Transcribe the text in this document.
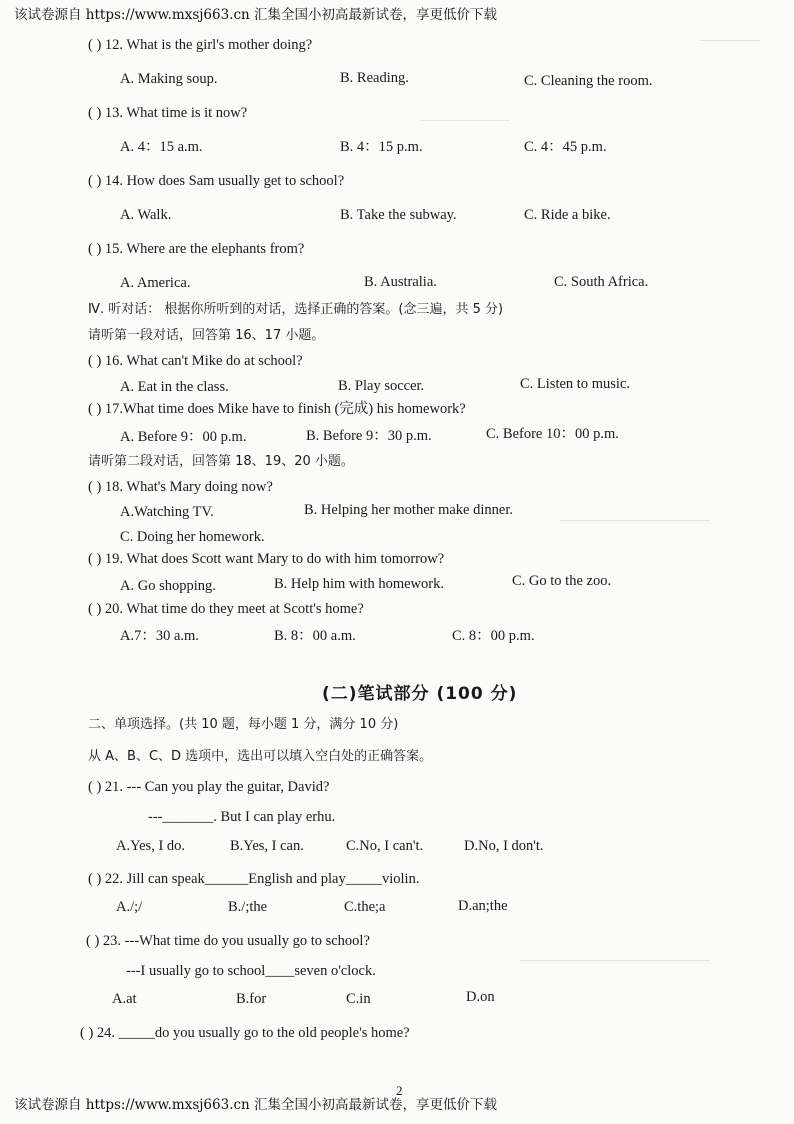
该试卷源自 https://www.mxsj663.cn 汇集全国小初高最新试卷，享更低价下载
( ) 12. What is the girl's mother doing?
A. Making soup.	B. Reading.	C. Cleaning the room.
( ) 13. What time is it now?
A. 4：15 a.m.	B. 4：15 p.m.	C. 4：45 p.m.
( ) 14. How does Sam usually get to school?
A. Walk.	B. Take the subway.	C. Ride a bike.
( ) 15. Where are the elephants from?
A. America.	B. Australia.	C. South Africa.
Ⅳ. 听对话： 根据你所听到的对话，选择正确的答案。(念三遍，共 5 分)
请听第一段对话，回答第 16、17 小题。
( ) 16. What can't Mike do at school?
A. Eat in the class.	B. Play soccer.	C. Listen to music.
( ) 17.What time does Mike have to finish (完成) his homework?
A. Before 9：00 p.m.	B. Before 9：30 p.m.	C. Before 10：00 p.m.
请听第二段对话，回答第 18、19、20 小题。
( ) 18. What's Mary doing now?
A.Watching TV.	B. Helping her mother make dinner.
C. Doing her homework.
( ) 19. What does Scott want Mary to do with him tomorrow?
A. Go shopping.	B. Help him with homework.	C. Go to the zoo.
( ) 20. What time do they meet at Scott's home?
A.7：30 a.m.	B. 8：00 a.m.	C. 8：00 p.m.
(二)笔试部分 (100 分)
二、单项选择。(共 10 题，每小题 1 分，满分 10 分)
从 A、B、C、D 选项中，选出可以填入空白处的正确答案。
( ) 21. --- Can you play the guitar, David?
---_______. But I can play erhu.
A.Yes, I do.	B.Yes, I can.	C.No, I can't.	D.No, I don't.
( ) 22. Jill can speak______English and play_____violin.
A./;/	B./;the	C.the;a	D.an;the
( ) 23. ---What time do you usually go to school?
---I usually go to school____seven o'clock.
A.at	B.for	C.in	D.on
( ) 24. _____do you usually go to the old people's home?
2
该试卷源自 https://www.mxsj663.cn 汇集全国小初高最新试卷，享更低价下载
